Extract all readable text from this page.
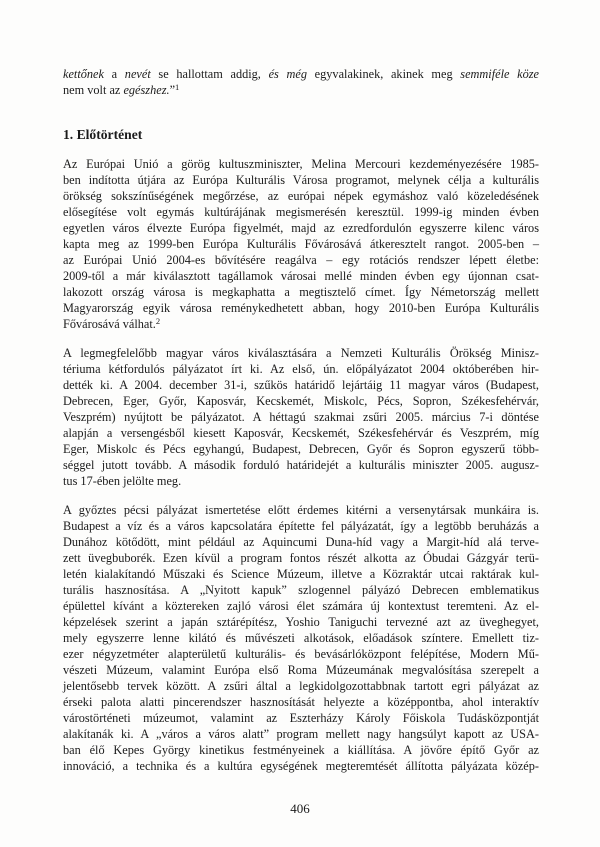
kettőnek a nevét se hallottam addig, és még egyvalakinek, akinek meg semmiféle köze
nem volt az egészhez.”$^1$
1. Előtörténet
Az Európai Unió a görög kultuszminiszter, Melina Mercouri kezdeményezésére 1985-
ben indította útjára az Európa Kulturális Városa programot, melynek célja a kulturális
örökség sokszínűségének megőrzése, az európai népek egymáshoz való közeledésének
elősegítése volt egymás kultúrájának megismerésén keresztül. 1999-ig minden évben
egyetlen város élvezte Európa figyelmét, majd az ezredfordulón egyszerre kilenc város
kapta meg az 1999-ben Európa Kulturális Fővárosává átkeresztelt rangot. 2005-ben –
az Európai Unió 2004-es bővítésére reagálva – egy rotációs rendszer lépett életbe:
2009-től a már kiválasztott tagállamok városai mellé minden évben egy újonnan csat-
lakozott ország városa is megkaphatta a megtisztelő címet. Így Németország mellett
Magyarország egyik városa reménykedhetett abban, hogy 2010-ben Európa Kulturális
Fővárosává válhat.$^2$
A legmegfelelőbb magyar város kiválasztására a Nemzeti Kulturális Örökség Minisz-
tériuma kétfordulós pályázatot írt ki. Az első, ún. előpályázatot 2004 októberében hir-
dették ki. A 2004. december 31-i, szűkös határidő lejártáig 11 magyar város (Budapest,
Debrecen, Eger, Győr, Kaposvár, Kecskemét, Miskolc, Pécs, Sopron, Székesfehérvár,
Veszprém) nyújtott be pályázatot. A héttagú szakmai zsűri 2005. március 7-i döntése
alapján a versengésből kiesett Kaposvár, Kecskemét, Székesfehérvár és Veszprém, míg
Eger, Miskolc és Pécs egyhangú, Budapest, Debrecen, Győr és Sopron egyszerű több-
séggel jutott tovább. A második forduló határidejét a kulturális miniszter 2005. augusz-
tus 17-ében jelölte meg.
A győztes pécsi pályázat ismertetése előtt érdemes kitérni a versenytársak munkáira is.
Budapest a víz és a város kapcsolatára építette fel pályázatát, így a legtöbb beruházás a
Dunához kötődött, mint például az Aquincumi Duna-híd vagy a Margit-híd alá terve-
zett üvegbuborék. Ezen kívül a program fontos részét alkotta az Óbudai Gázgyár terü-
letén kialakítandó Műszaki és Science Múzeum, illetve a Közraktár utcai raktárak kul-
turális hasznosítása. A „Nyitott kapuk” szlogennel pályázó Debrecen emblematikus
épülettel kívánt a köztereken zajló városi élet számára új kontextust teremteni. Az el-
képzelések szerint a japán sztárépítész, Yoshio Taniguchi tervezné azt az üveghegyet,
mely egyszerre lenne kilátó és művészeti alkotások, előadások színtere. Emellett tiz-
ezer négyzetméter alapterületű kulturális- és bevásárlóközpont felépítése, Modern Mű-
vészeti Múzeum, valamint Európa első Roma Múzeumának megvalósítása szerepelt a
jelentősebb tervek között. A zsűri által a legkidolgozottabbnak tartott egri pályázat az
érseki palota alatti pincerendszer hasznosítását helyezte a középpontba, ahol interaktív
várostörténeti múzeumot, valamint az Eszterházy Károly Főiskola Tudásközpontját
alakítanák ki. A „város a város alatt” program mellett nagy hangsúlyt kapott az USA-
ban élő Kepes György kinetikus festményeinek a kiállítása. A jövőre építő Győr az
innováció, a technika és a kultúra egységének megteremtését állította pályázata közép-
406
